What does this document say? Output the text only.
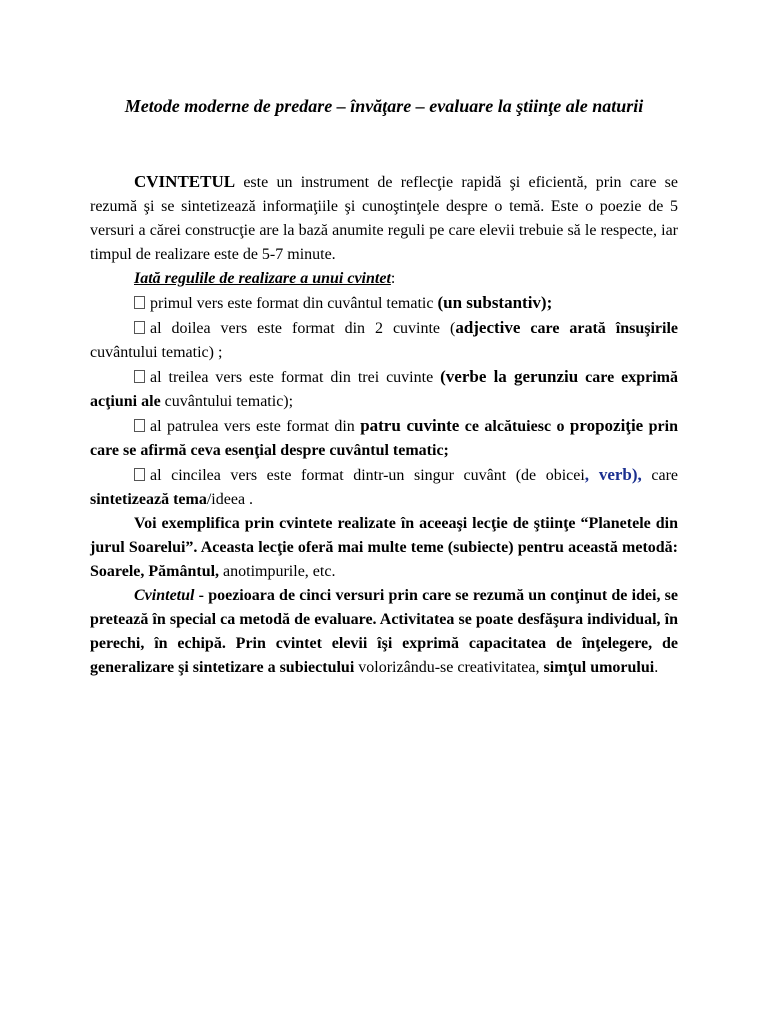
Metode moderne de predare – învăţare – evaluare la ştiinţe ale naturii

CVINTETUL este un instrument de reflecţie rapidă şi eficientă, prin care se rezumă şi se sintetizează informaţiile şi cunoştinţele despre o temă. Este o poezie de 5 versuri a cărei construcţie are la bază anumite reguli pe care elevii trebuie să le respecte, iar timpul de realizare este de 5-7 minute.

Iată regulile de realizare a unui cvintet:

primul vers este format din cuvântul tematic (un substantiv);

al doilea vers este format din 2 cuvinte (adjective care arată însuşirile cuvântului tematic) ;

al treilea vers este format din trei cuvinte (verbe la gerunziu care exprimă acţiuni ale cuvântului tematic);

al patrulea vers este format din patru cuvinte ce alcătuiesc o propoziţie prin care se afirmă ceva esenţial despre cuvântul tematic;

al cincilea vers este format dintr-un singur cuvânt (de obicei, verb), care sintetizează tema/ideea .

Voi exemplifica prin cvintete realizate în aceeaşi lecţie de ştiinţe “Planetele din jurul Soarelui”. Aceasta lecţie oferă mai multe teme (subiecte) pentru această metodă: Soarele, Pământul, anotimpurile, etc.

Cvintetul - poezioara de cinci versuri prin care se rezumă un conţinut de idei, se pretează în special ca metodă de evaluare. Activitatea se poate desfăşura individual, în perechi, în echipă. Prin cvintet elevii îşi exprimă capacitatea de înţelegere, de generalizare şi sintetizare a subiectului volorizându-se creativitatea, simţul umorului.
